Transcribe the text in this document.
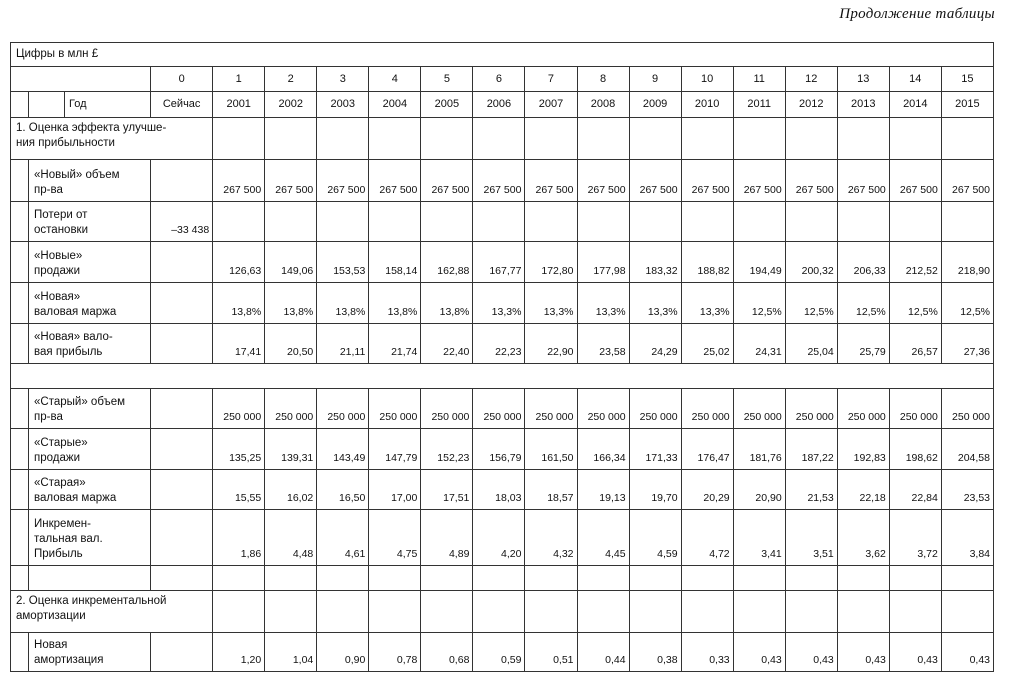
Продолжение таблицы
Цифры в млн £																		
			0	1	2	3	4	5	6	7	8	9	10	11	12	13	14	15
		Год	Сейчас	2001	2002	2003	2004	2005	2006	2007	2008	2009	2010	2011	2012	2013	2014	2015
1. Оценка эффекта улучше-
ния прибыльности																		
	«Новый» объем
пр-ва			267 500	267 500	267 500	267 500	267 500	267 500	267 500	267 500	267 500	267 500	267 500	267 500	267 500	267 500	267 500
	Потери от
остановки		–33 438															
	«Новые»
продажи			126,63	149,06	153,53	158,14	162,88	167,77	172,80	177,98	183,32	188,82	194,49	200,32	206,33	212,52	218,90
	«Новая»
валовая маржа			13,8%	13,8%	13,8%	13,8%	13,8%	13,3%	13,3%	13,3%	13,3%	13,3%	12,5%	12,5%	12,5%	12,5%	12,5%
	«Новая» вало-
вая прибыль			17,41	20,50	21,11	21,74	22,40	22,23	22,90	23,58	24,29	25,02	24,31	25,04	25,79	26,57	27,36

	«Старый» объем
пр-ва			250 000	250 000	250 000	250 000	250 000	250 000	250 000	250 000	250 000	250 000	250 000	250 000	250 000	250 000	250 000
	«Старые»
продажи			135,25	139,31	143,49	147,79	152,23	156,79	161,50	166,34	171,33	176,47	181,76	187,22	192,83	198,62	204,58
	«Старая»
валовая маржа			15,55	16,02	16,50	17,00	17,51	18,03	18,57	19,13	19,70	20,29	20,90	21,53	22,18	22,84	23,53
	Инкремен-
тальная вал.
Прибыль			1,86	4,48	4,61	4,75	4,89	4,20	4,32	4,45	4,59	4,72	3,41	3,51	3,62	3,72	3,84

2. Оценка инкрементальной
амортизации																		
	Новая
амортизация			1,20	1,04	0,90	0,78	0,68	0,59	0,51	0,44	0,38	0,33	0,43	0,43	0,43	0,43	0,43
